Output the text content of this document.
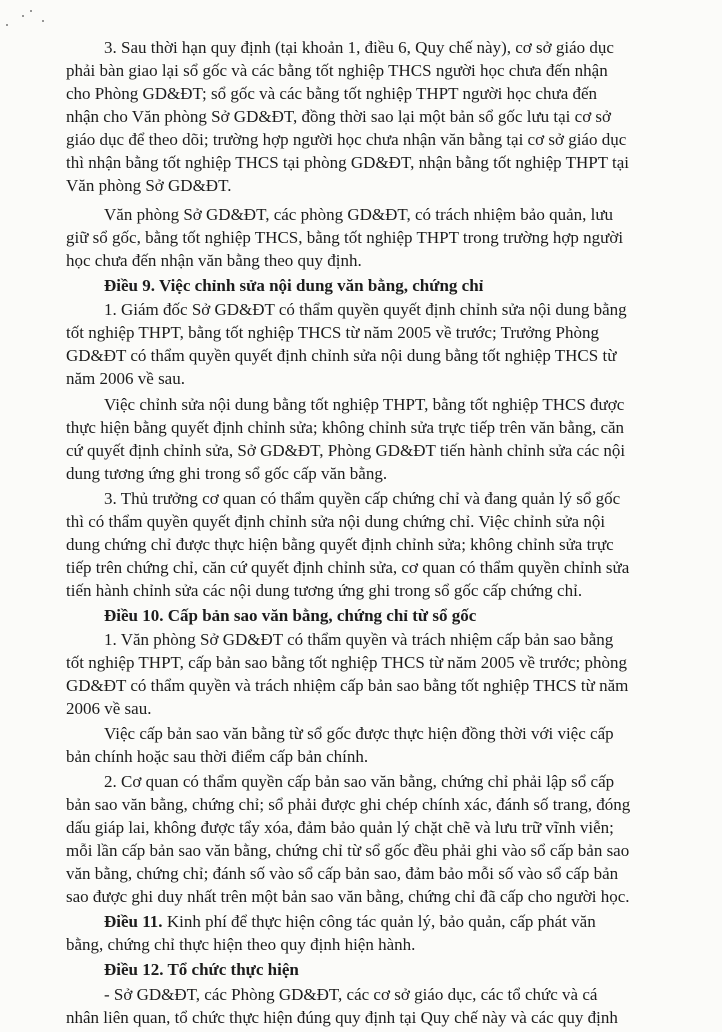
3. Sau thời hạn quy định (tại khoản 1, điều 6, Quy chế này), cơ sở giáo dục
phải bàn giao lại sổ gốc và các bằng tốt nghiệp THCS người học chưa đến nhận
cho Phòng GD&ĐT; sổ gốc và các bằng tốt nghiệp THPT người học chưa đến
nhận cho Văn phòng Sở GD&ĐT, đồng thời sao lại một bản sổ gốc lưu tại cơ sở
giáo dục để theo dõi; trường hợp người học chưa nhận văn bằng tại cơ sở giáo dục
thì nhận bằng tốt nghiệp THCS tại phòng GD&ĐT, nhận bằng tốt nghiệp THPT tại
Văn phòng Sở GD&ĐT.
Văn phòng Sở GD&ĐT, các phòng GD&ĐT, có trách nhiệm bảo quản, lưu
giữ sổ gốc, bằng tốt nghiệp THCS, bằng tốt nghiệp THPT trong trường hợp người
học chưa đến nhận văn bằng theo quy định.
Điều 9. Việc chỉnh sửa nội dung văn bằng, chứng chỉ
1. Giám đốc Sở GD&ĐT có thẩm quyền quyết định chỉnh sửa nội dung bằng
tốt nghiệp THPT, bằng tốt nghiệp THCS từ năm 2005 về trước; Trưởng Phòng
GD&ĐT có thẩm quyền quyết định chỉnh sửa nội dung bằng tốt nghiệp THCS từ
năm 2006 về sau.
Việc chỉnh sửa nội dung bằng tốt nghiệp THPT, bằng tốt nghiệp THCS được
thực hiện bằng quyết định chỉnh sửa; không chỉnh sửa trực tiếp trên văn bằng, căn
cứ quyết định chỉnh sửa, Sở GD&ĐT, Phòng GD&ĐT tiến hành chỉnh sửa các nội
dung tương ứng ghi trong sổ gốc cấp văn bằng.
3. Thủ trưởng cơ quan có thẩm quyền cấp chứng chỉ và đang quản lý sổ gốc
thì có thẩm quyền quyết định chỉnh sửa nội dung chứng chỉ. Việc chỉnh sửa nội
dung chứng chỉ được thực hiện bằng quyết định chỉnh sửa; không chỉnh sửa trực
tiếp trên chứng chỉ, căn cứ quyết định chỉnh sửa, cơ quan có thẩm quyền chỉnh sửa
tiến hành chỉnh sửa các nội dung tương ứng ghi trong sổ gốc cấp chứng chỉ.
Điều 10. Cấp bản sao văn bằng, chứng chỉ từ sổ gốc
1. Văn phòng Sở GD&ĐT có thẩm quyền và trách nhiệm cấp bản sao bằng
tốt nghiệp THPT, cấp bản sao bằng tốt nghiệp THCS từ năm 2005 về trước; phòng
GD&ĐT có thẩm quyền và trách nhiệm cấp bản sao bằng tốt nghiệp THCS từ năm
2006 về sau.
Việc cấp bản sao văn bằng từ sổ gốc được thực hiện đồng thời với việc cấp
bản chính hoặc sau thời điểm cấp bản chính.
2. Cơ quan có thẩm quyền cấp bản sao văn bằng, chứng chỉ phải lập sổ cấp
bản sao văn bằng, chứng chỉ; sổ phải được ghi chép chính xác, đánh số trang, đóng
dấu giáp lai, không được tẩy xóa, đảm bảo quản lý chặt chẽ và lưu trữ vĩnh viễn;
mỗi lần cấp bản sao văn bằng, chứng chỉ từ sổ gốc đều phải ghi vào sổ cấp bản sao
văn bằng, chứng chỉ; đánh số vào sổ cấp bản sao, đảm bảo mỗi số vào sổ cấp bản
sao được ghi duy nhất trên một bản sao văn bằng, chứng chỉ đã cấp cho người học.
Điều 11. Kinh phí để thực hiện công tác quản lý, bảo quản, cấp phát văn
bằng, chứng chỉ thực hiện theo quy định hiện hành.
Điều 12. Tổ chức thực hiện
- Sở GD&ĐT, các Phòng GD&ĐT, các cơ sở giáo dục, các tổ chức và cá
nhân liên quan, tổ chức thực hiện đúng quy định tại Quy chế này và các quy định
